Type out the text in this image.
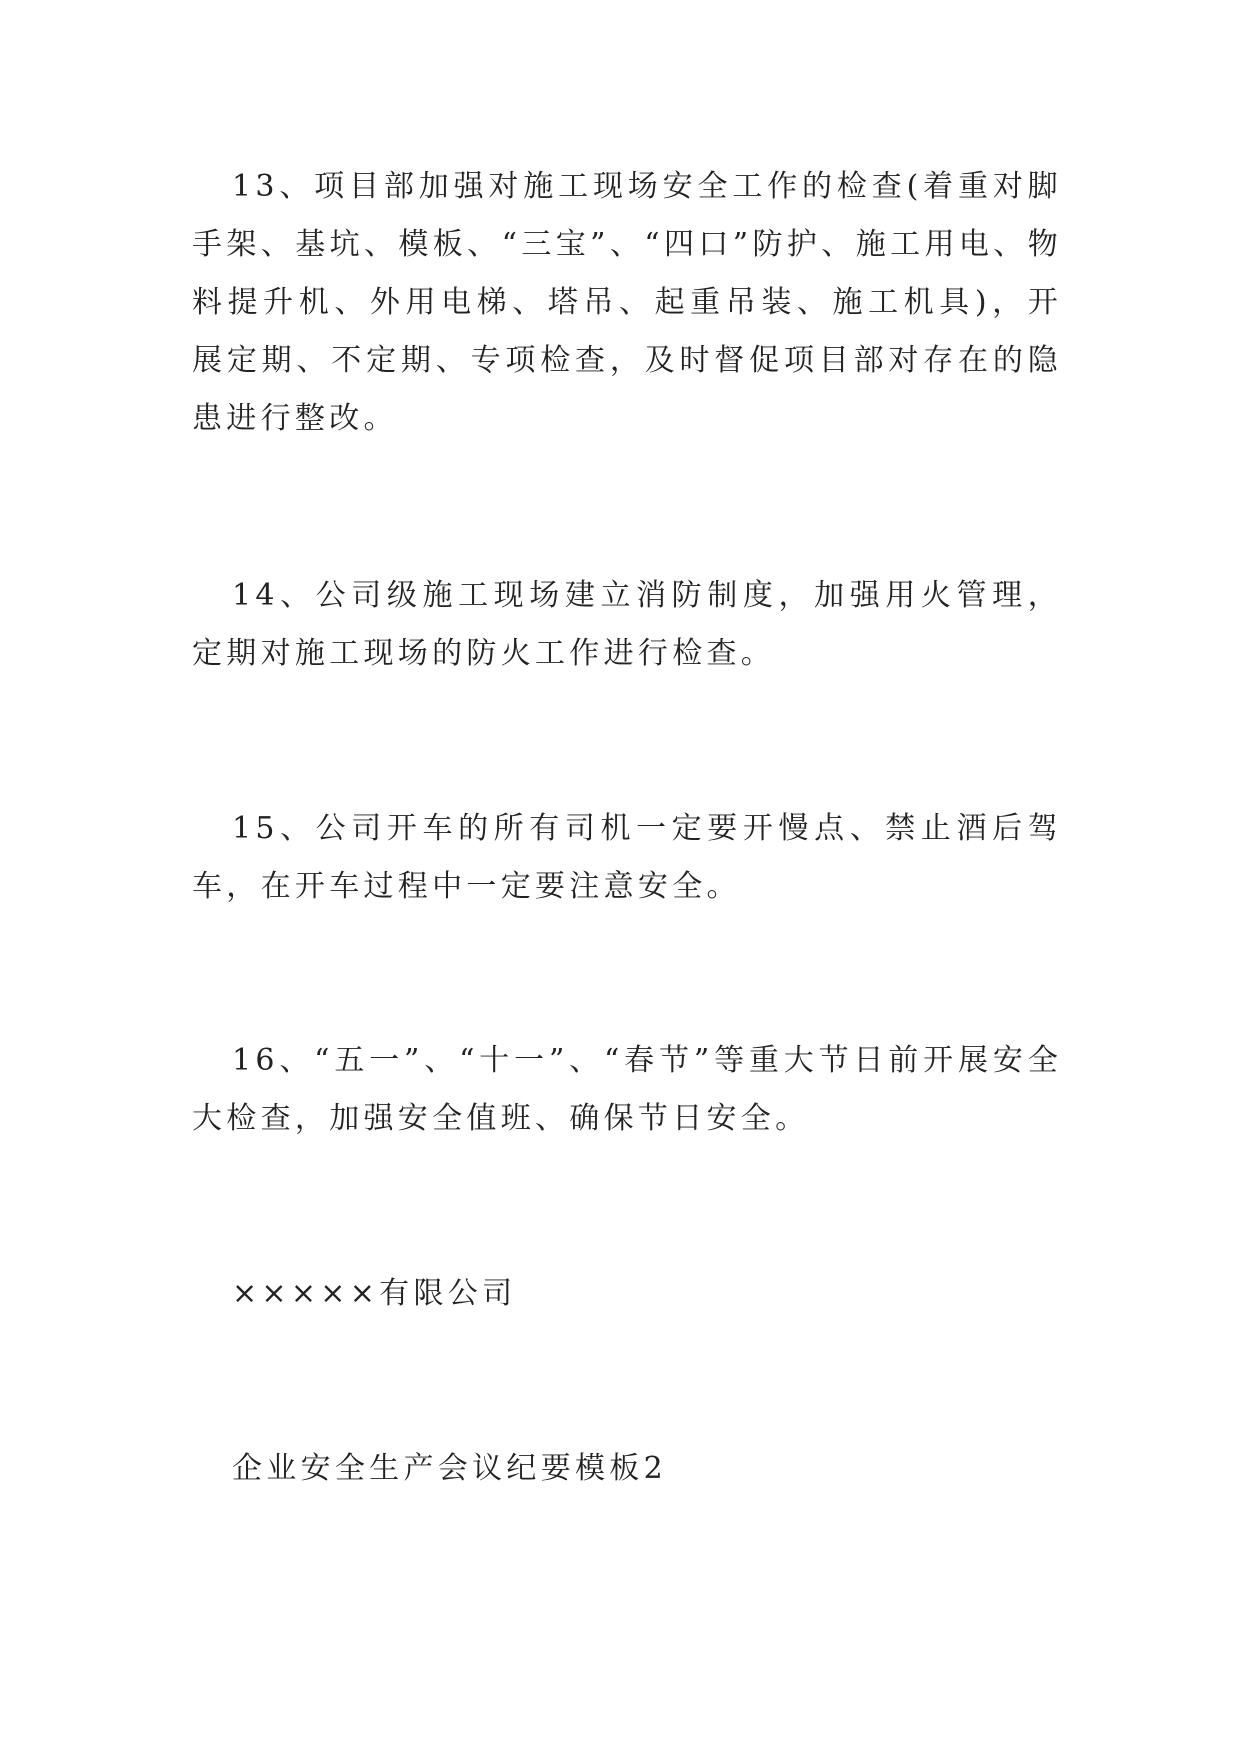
13、项目部加强对施工现场安全工作的检查(着重对脚手架、基坑、模板、“三宝”、“四口”防护、施工用电、物料提升机、外用电梯、塔吊、起重吊装、施工机具)，开展定期、不定期、专项检查，及时督促项目部对存在的隐患进行整改。

14、公司级施工现场建立消防制度，加强用火管理，定期对施工现场的防火工作进行检查。

15、公司开车的所有司机一定要开慢点、禁止酒后驾车，在开车过程中一定要注意安全。

16、“五一”、“十一”、“春节”等重大节日前开展安全大检查，加强安全值班、确保节日安全。

×××××有限公司

企业安全生产会议纪要模板2
